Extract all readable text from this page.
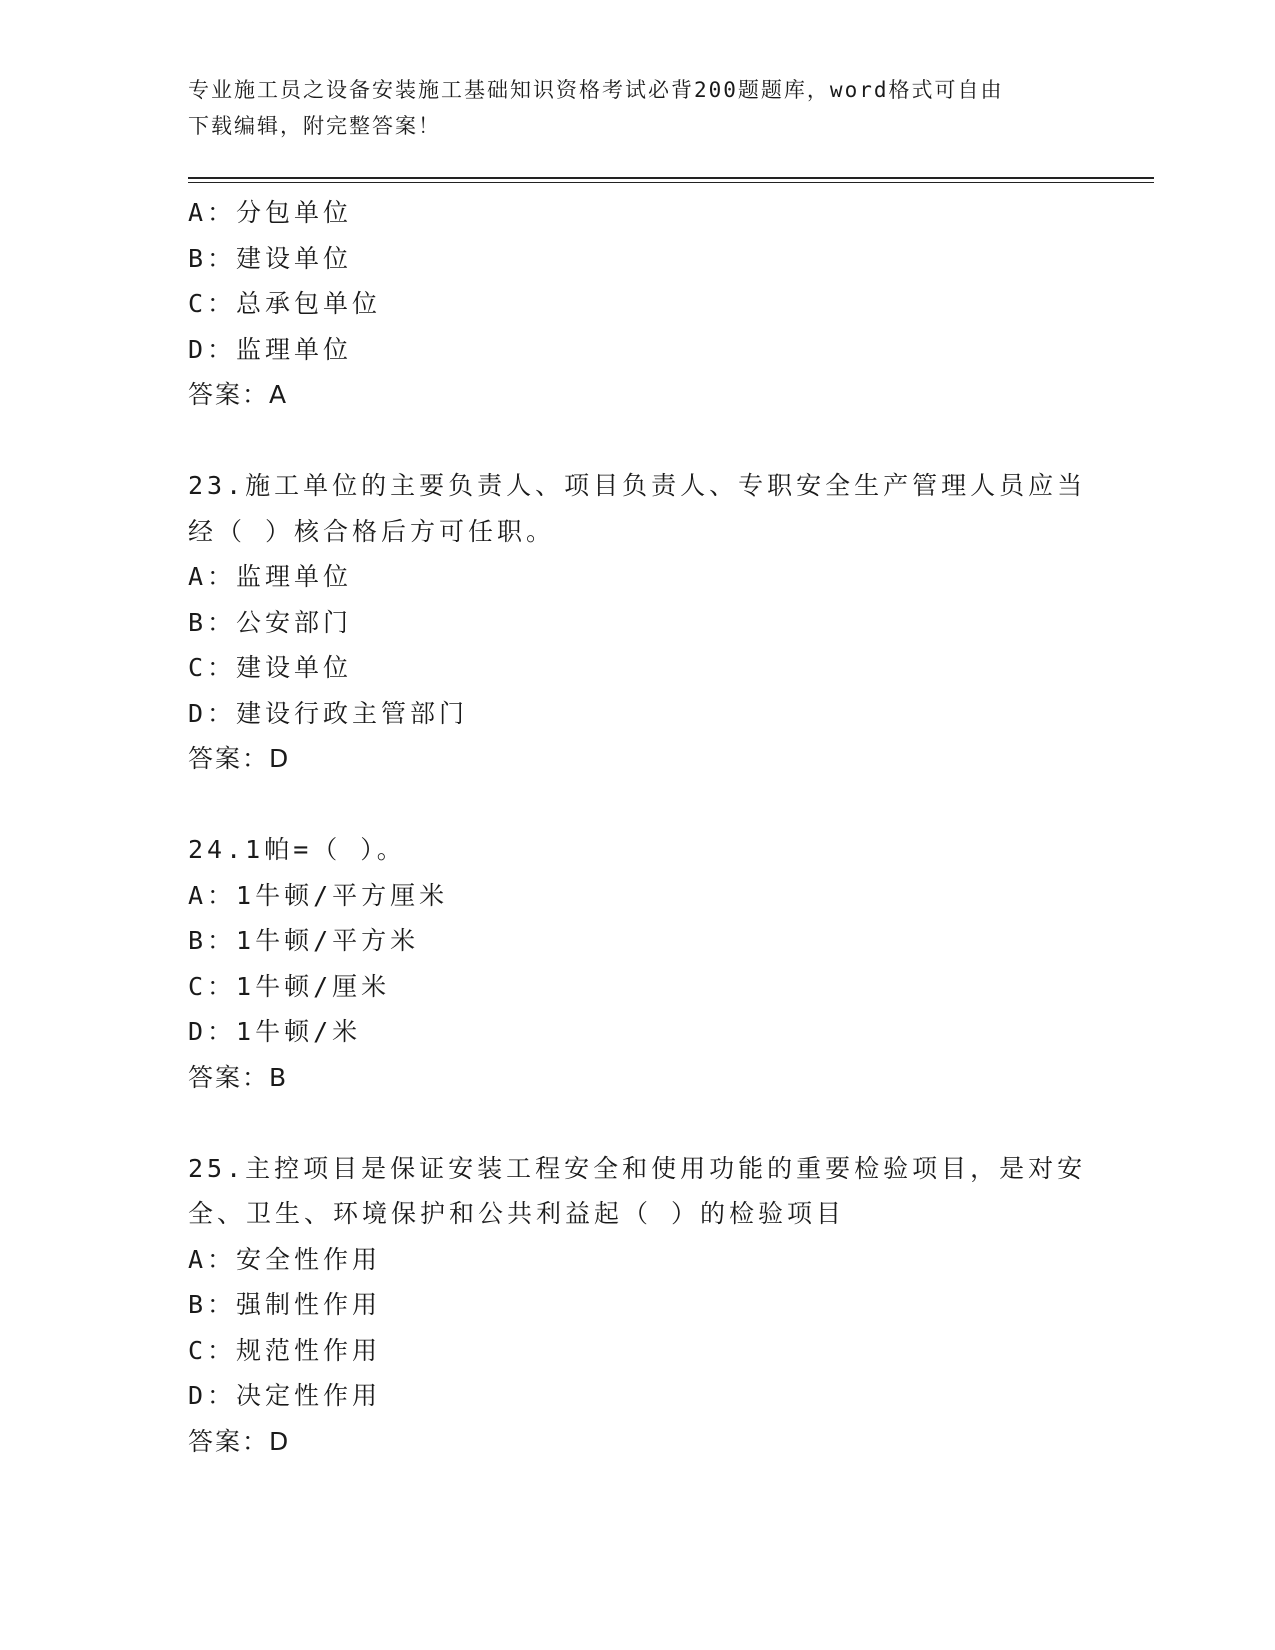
专业施工员之设备安装施工基础知识资格考试必背200题题库，word格式可自由
下载编辑，附完整答案！
A：分包单位
B：建设单位
C：总承包单位
D：监理单位
答案：A
23.施工单位的主要负责人、项目负责人、专职安全生产管理人员应当
经（ ）核合格后方可任职。
A：监理单位
B：公安部门
C：建设单位
D：建设行政主管部门
答案：D
24.1帕=（ ）。
A：1牛顿/平方厘米
B：1牛顿/平方米
C：1牛顿/厘米
D：1牛顿/米
答案：B
25.主控项目是保证安装工程安全和使用功能的重要检验项目，是对安
全、卫生、环境保护和公共利益起（ ）的检验项目
A：安全性作用
B：强制性作用
C：规范性作用
D：决定性作用
答案：D
